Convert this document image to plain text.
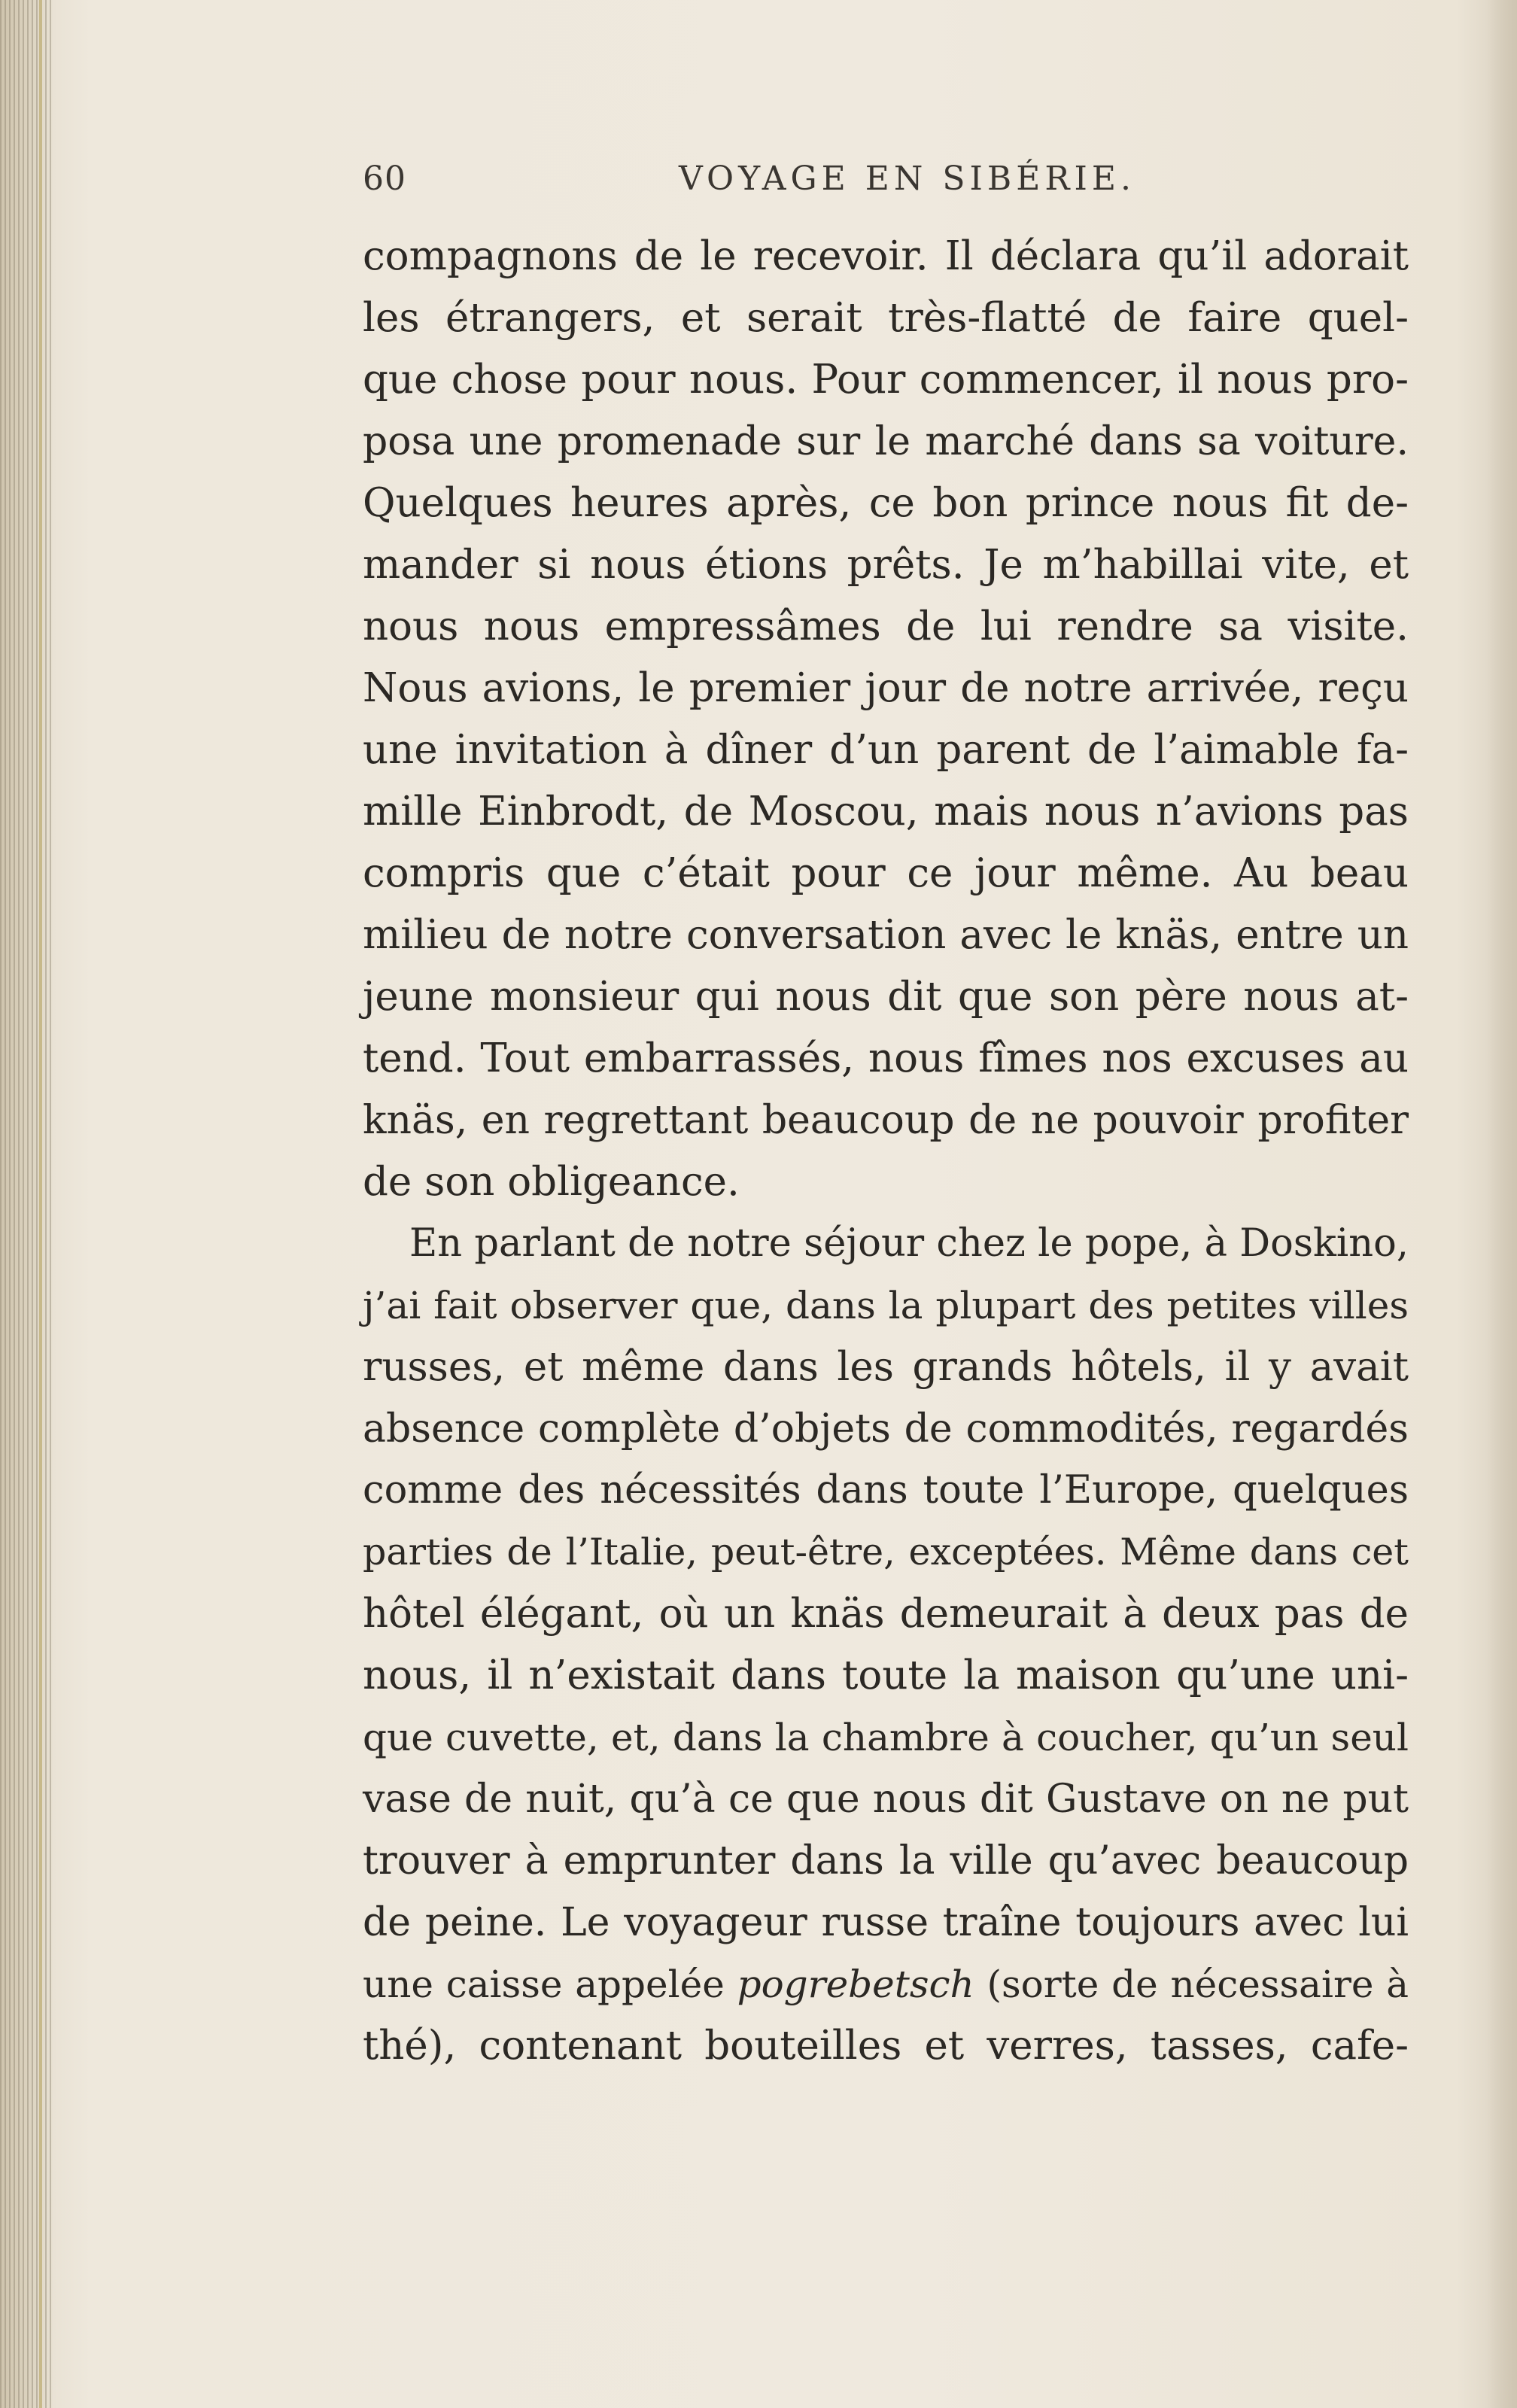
60	VOYAGE EN SIBÉRIE.
compagnons de le recevoir. Il déclara qu’il adorait
les étrangers, et serait très-flatté de faire quel-
que chose pour nous. Pour commencer, il nous pro-
posa une promenade sur le marché dans sa voiture.
Quelques heures après, ce bon prince nous fit de-
mander si nous étions prêts. Je m’habillai vite, et
nous nous empressâmes de lui rendre sa visite.
Nous avions, le premier jour de notre arrivée, reçu
une invitation à dîner d’un parent de l’aimable fa-
mille Einbrodt, de Moscou, mais nous n’avions pas
compris que c’était pour ce jour même. Au beau
milieu de notre conversation avec le knäs, entre un
jeune monsieur qui nous dit que son père nous at-
tend. Tout embarrassés, nous fîmes nos excuses au
knäs, en regrettant beaucoup de ne pouvoir profiter
de son obligeance.
En parlant de notre séjour chez le pope, à Doskino,
j’ai fait observer que, dans la plupart des petites villes
russes, et même dans les grands hôtels, il y avait
absence complète d’objets de commodités, regardés
comme des nécessités dans toute l’Europe, quelques
parties de l’Italie, peut-être, exceptées. Même dans cet
hôtel élégant, où un knäs demeurait à deux pas de
nous, il n’existait dans toute la maison qu’une uni-
que cuvette, et, dans la chambre à coucher, qu’un seul
vase de nuit, qu’à ce que nous dit Gustave on ne put
trouver à emprunter dans la ville qu’avec beaucoup
de peine. Le voyageur russe traîne toujours avec lui
une caisse appelée pogrebetsch (sorte de nécessaire à
thé), contenant bouteilles et verres, tasses, cafe-
